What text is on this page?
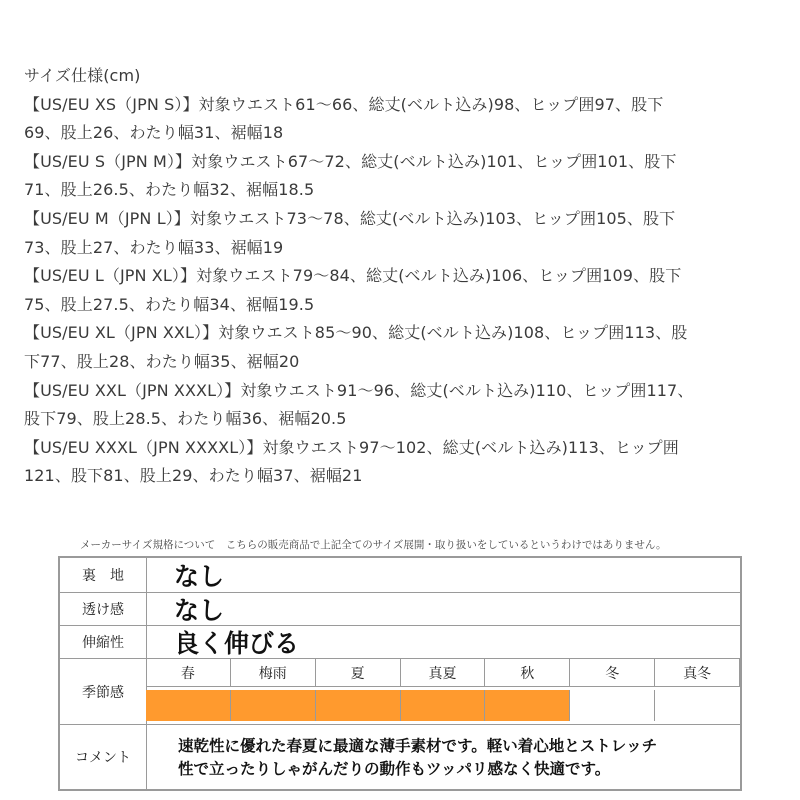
サイズ仕様(cm)
【US/EU XS（JPN S）】対象ウエスト61～66、総丈(ベルト込み)98、ヒップ囲97、股下
69、股上26、わたり幅31、裾幅18
【US/EU S（JPN M）】対象ウエスト67～72、総丈(ベルト込み)101、ヒップ囲101、股下
71、股上26.5、わたり幅32、裾幅18.5
【US/EU M（JPN L）】対象ウエスト73～78、総丈(ベルト込み)103、ヒップ囲105、股下
73、股上27、わたり幅33、裾幅19
【US/EU L（JPN XL）】対象ウエスト79～84、総丈(ベルト込み)106、ヒップ囲109、股下
75、股上27.5、わたり幅34、裾幅19.5
【US/EU XL（JPN XXL）】対象ウエスト85～90、総丈(ベルト込み)108、ヒップ囲113、股
下77、股上28、わたり幅35、裾幅20
【US/EU XXL（JPN XXXL）】対象ウエスト91～96、総丈(ベルト込み)110、ヒップ囲117、
股下79、股上28.5、わたり幅36、裾幅20.5
【US/EU XXXL（JPN XXXXL）】対象ウエスト97～102、総丈(ベルト込み)113、ヒップ囲
121、股下81、股上29、わたり幅37、裾幅21
メーカーサイズ規格について　こちらの販売商品で上記全てのサイズ展開・取り扱いをしているというわけではありません。
裏　地	なし
透け感	なし
伸縮性	良く伸びる
季節感
春	梅雨	夏	真夏	秋	冬	真冬
コメント
速乾性に優れた春夏に最適な薄手素材です。軽い着心地とストレッチ
性で立ったりしゃがんだりの動作もツッパリ感なく快適です。
